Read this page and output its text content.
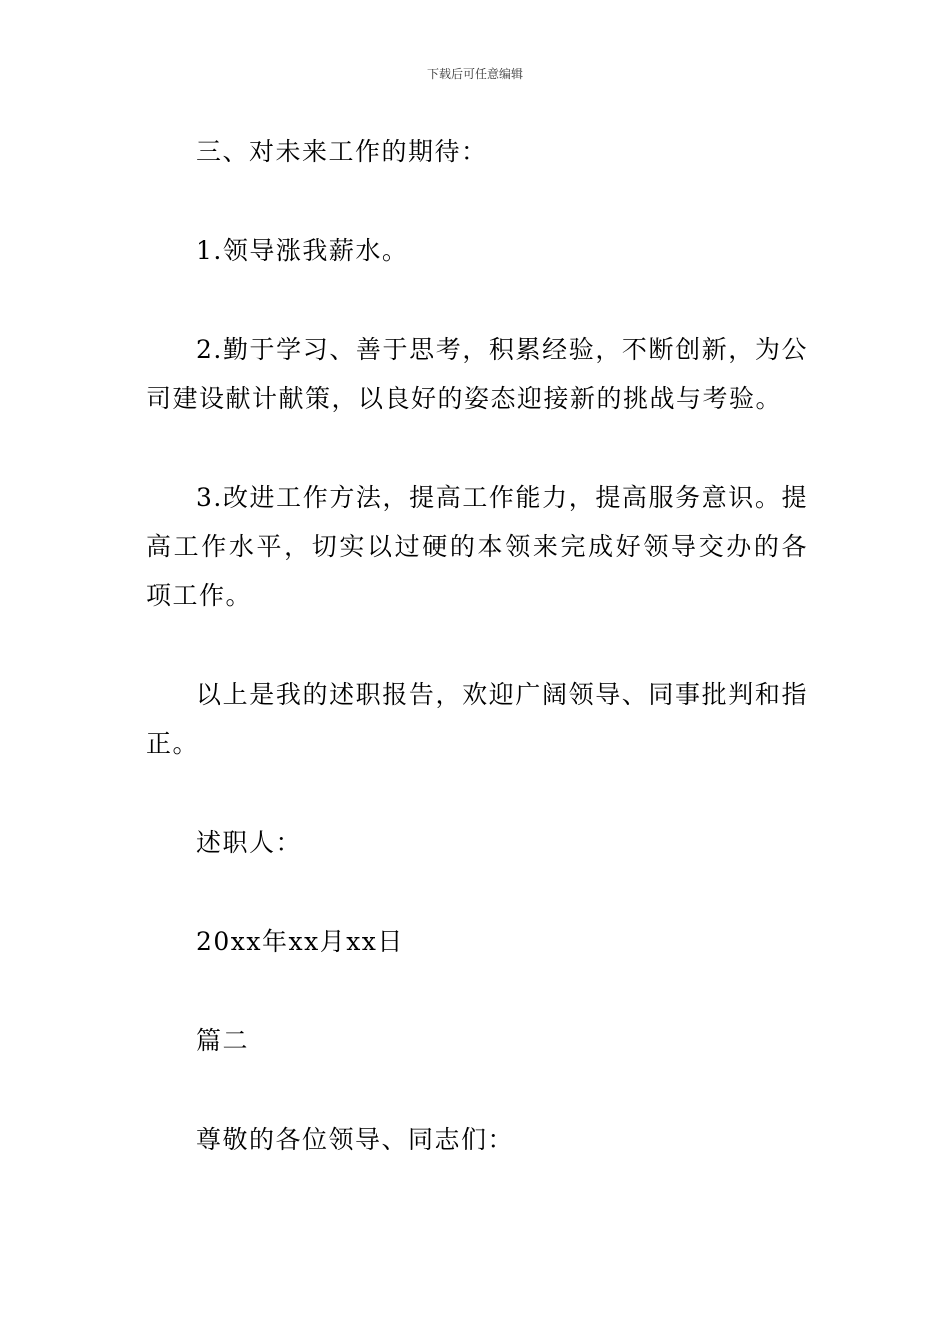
下载后可任意编辑

三、对未来工作的期待：

1.领导涨我薪水。

2.勤于学习、善于思考，积累经验，不断创新，为公司建设献计献策，以良好的姿态迎接新的挑战与考验。

3.改进工作方法，提高工作能力，提高服务意识。提高工作水平，切实以过硬的本领来完成好领导交办的各项工作。

以上是我的述职报告，欢迎广阔领导、同事批判和指正。

述职人：

20xx年xx月xx日

篇二

尊敬的各位领导、同志们：
